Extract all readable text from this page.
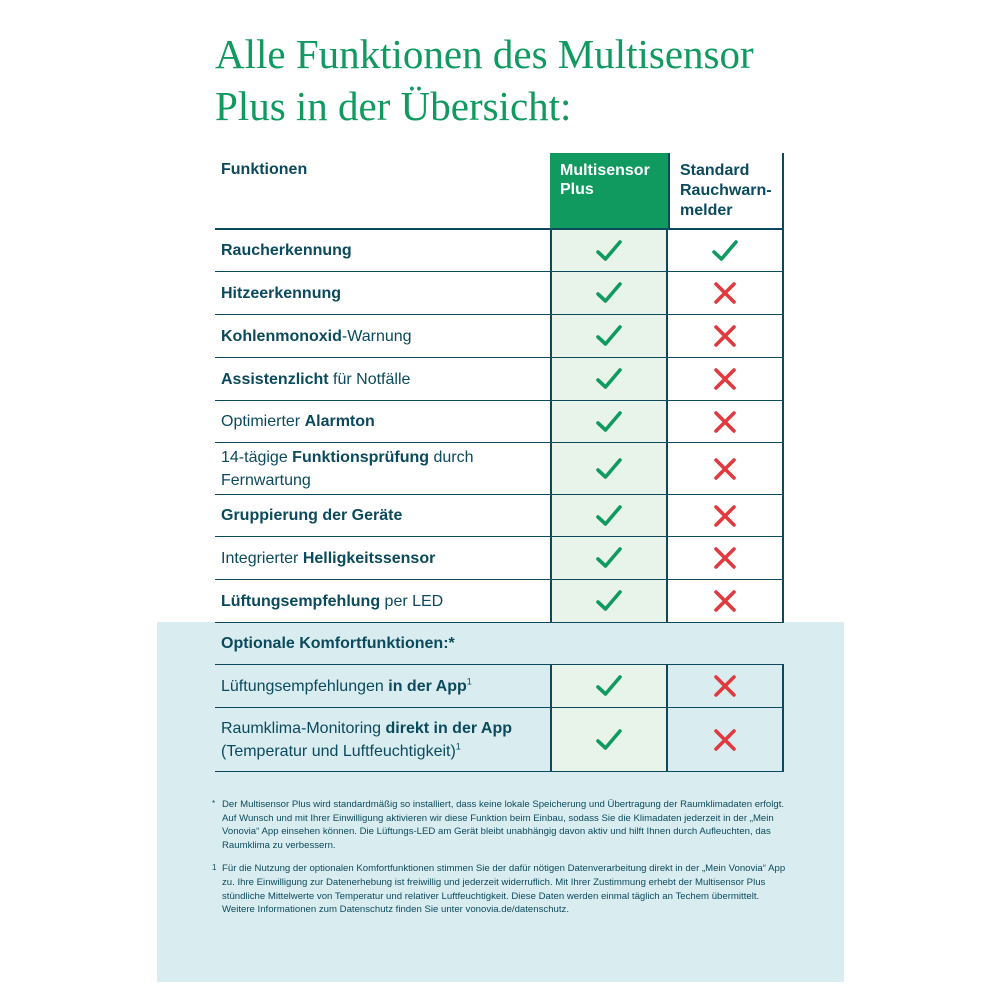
Alle Funktionen des Multisensor
Plus in der Übersicht:
Funktionen	Multisensor
Plus
Standard
Rauchwarn-
melder
Raucherkennung
Hitzeerkennung
Kohlenmonoxid-Warnung
Assistenzlicht für Notfälle
Optimierter Alarmton
14-tägige Funktionsprüfung durch Fernwartung
Gruppierung der Geräte
Integrierter Helligkeitssensor
Lüftungsempfehlung per LED
Optionale Komfortfunktionen:*
Lüftungsempfehlungen in der App$^1$
Raumklima-Monitoring direkt in der App (Temperatur und Luftfeuchtigkeit)$^1$
* Der Multisensor Plus wird standardmäßig so installiert, dass keine lokale Speicherung und Übertragung der Raumklimadaten erfolgt. Auf Wunsch und mit Ihrer Einwilligung aktivieren wir diese Funktion beim Einbau, sodass Sie die Klimadaten jederzeit in der „Mein Vonovia“ App einsehen können. Die Lüftungs-LED am Gerät bleibt unabhängig davon aktiv und hilft Ihnen durch Aufleuchten, das Raumklima zu verbessern.
1 Für die Nutzung der optionalen Komfortfunktionen stimmen Sie der dafür nötigen Datenverarbeitung direkt in der „Mein Vonovia“ App zu. Ihre Einwilligung zur Datenerhebung ist freiwillig und jederzeit widerruflich. Mit Ihrer Zustimmung erhebt der Multisensor Plus stündliche Mittelwerte von Temperatur und relativer Luftfeuchtigkeit. Diese Daten werden einmal täglich an Techem übermittelt. Weitere Informationen zum Datenschutz finden Sie unter vonovia.de/datenschutz.
